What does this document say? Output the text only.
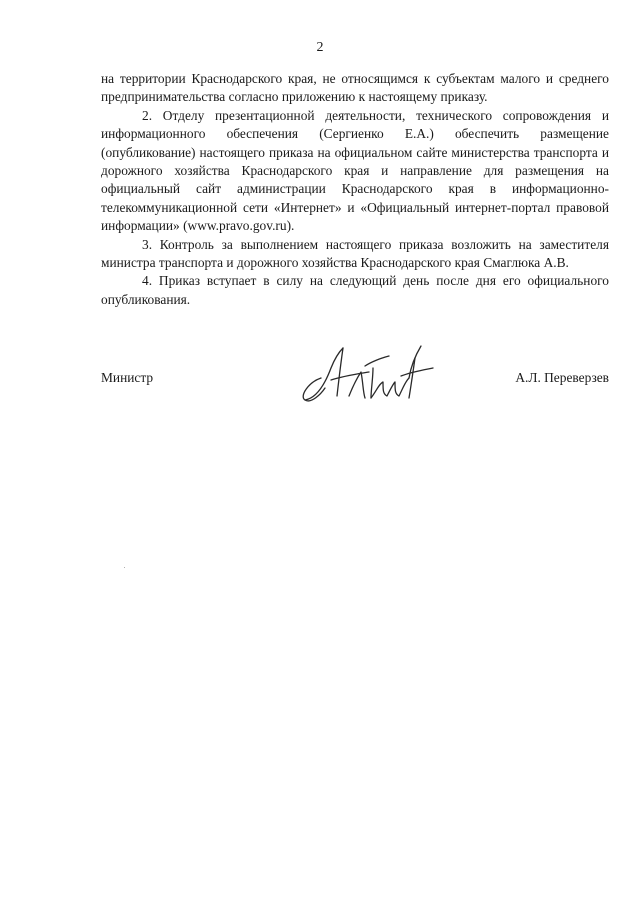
2

на территории Краснодарского края, не относящимся к субъектам малого и среднего предпринимательства согласно приложению к настоящему приказу.

2. Отделу презентационной деятельности, технического сопровождения и информационного обеспечения (Сергиенко Е.А.) обеспечить размещение (опубликование) настоящего приказа на официальном сайте министерства транспорта и дорожного хозяйства Краснодарского края и направление для размещения на официальный сайт администрации Краснодарского края в информационно-телекоммуникационной сети «Интернет» и «Официальный интернет-портал правовой информации» (www.pravo.gov.ru).

3. Контроль за выполнением настоящего приказа возложить на заместителя министра транспорта и дорожного хозяйства Краснодарского края Смаглюка А.В.

4. Приказ вступает в силу на следующий день после дня его официального опубликования.

Министр	А.Л. Переверзев
